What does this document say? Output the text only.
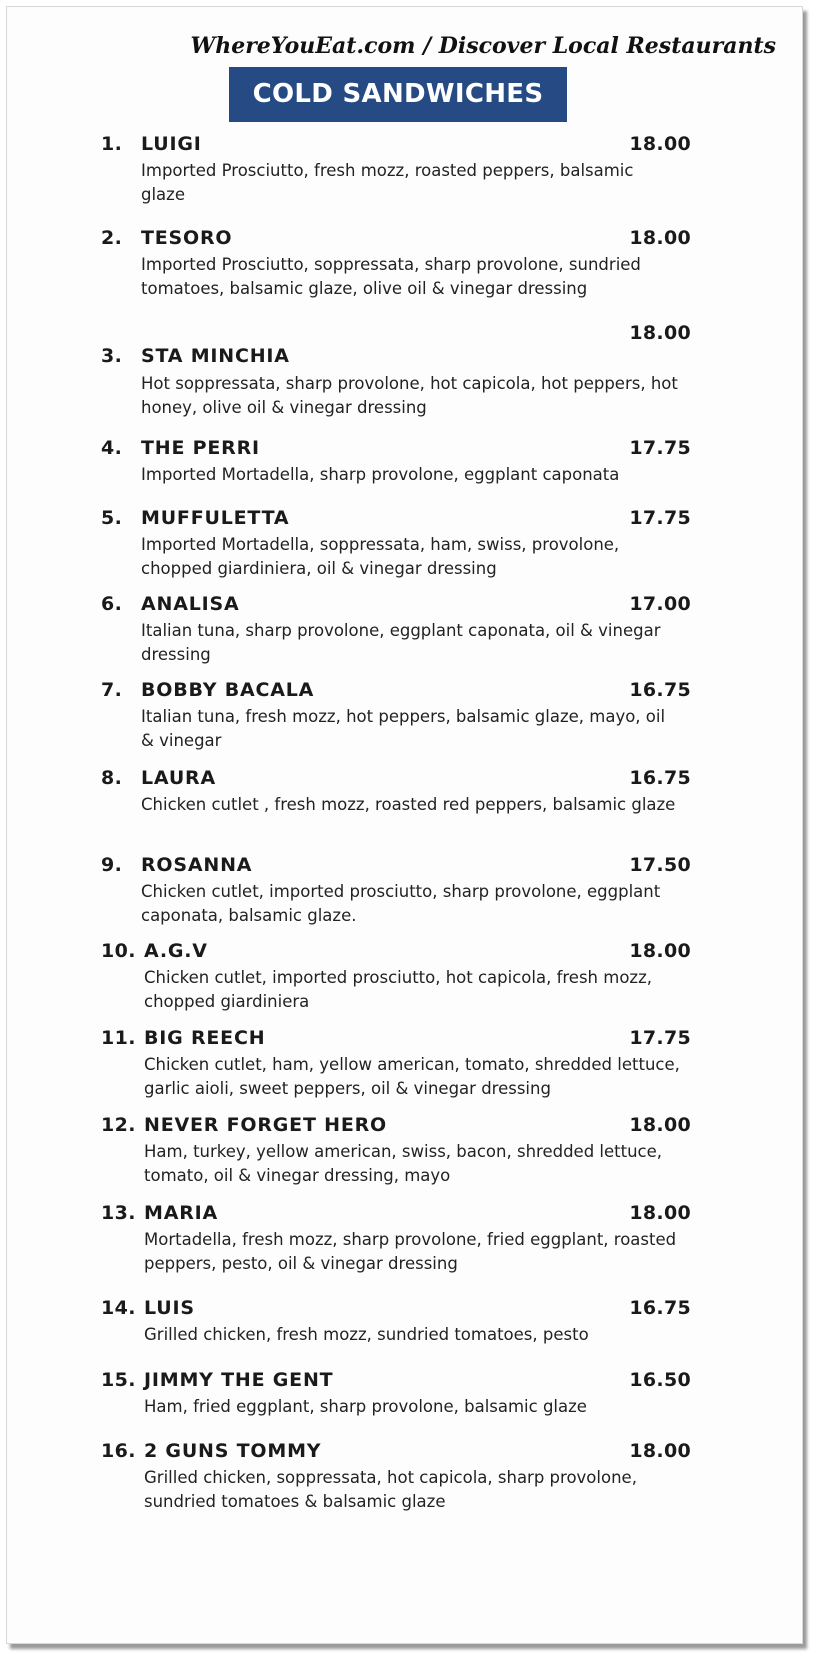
WhereYouEat.com / Discover Local Restaurants

COLD SANDWICHES
1. LUIGI	18.00

Imported Prosciutto, fresh mozz, roasted peppers, balsamic glaze

2. TESORO	18.00

Imported Prosciutto, soppressata, sharp provolone, sundried tomatoes, balsamic glaze, olive oil & vinegar dressing

3. STA MINCHIA
18.00

Hot soppressata, sharp provolone, hot capicola, hot peppers, hot honey, olive oil & vinegar dressing

4. THE PERRI	17.75

Imported Mortadella, sharp provolone, eggplant caponata

5. MUFFULETTA	17.75

Imported Mortadella, soppressata, ham, swiss, provolone, chopped giardiniera, oil & vinegar dressing

6. ANALISA	17.00

Italian tuna, sharp provolone, eggplant caponata, oil & vinegar dressing

7. BOBBY BACALA	16.75

Italian tuna, fresh mozz, hot peppers, balsamic glaze, mayo, oil & vinegar

8. LAURA	16.75

Chicken cutlet , fresh mozz, roasted red peppers, balsamic glaze

9. ROSANNA	17.50

Chicken cutlet, imported prosciutto, sharp provolone, eggplant caponata, balsamic glaze.

10. A.G.V	18.00

Chicken cutlet, imported prosciutto, hot capicola, fresh mozz, chopped giardiniera

11. BIG REECH	17.75

Chicken cutlet, ham, yellow american, tomato, shredded lettuce, garlic aioli, sweet peppers, oil & vinegar dressing

12. NEVER FORGET HERO	18.00

Ham, turkey, yellow american, swiss, bacon, shredded lettuce, tomato, oil & vinegar dressing, mayo

13. MARIA	18.00

Mortadella, fresh mozz, sharp provolone, fried eggplant, roasted peppers, pesto, oil & vinegar dressing

14. LUIS	16.75

Grilled chicken, fresh mozz, sundried tomatoes, pesto

15. JIMMY THE GENT	16.50

Ham, fried eggplant, sharp provolone, balsamic glaze

16. 2 GUNS TOMMY	18.00

Grilled chicken, soppressata, hot capicola, sharp provolone, sundried tomatoes & balsamic glaze
